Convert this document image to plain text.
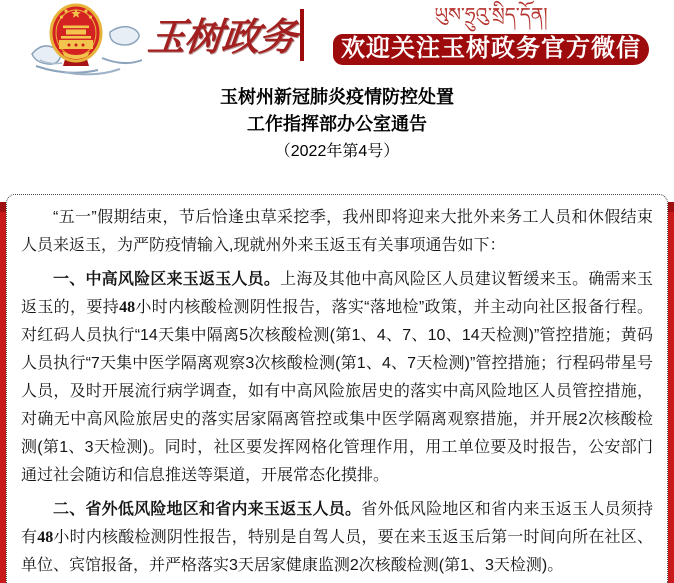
玉树政务	ཡུས་ཧྲུའུ་སྲིད་དོན།
欢迎关注玉树政务官方微信
玉树州新冠肺炎疫情防控处置
工作指挥部办公室通告
（2022年第4号）

“五一”假期结束，节后恰逢虫草采挖季，我州即将迎来大批外来务工人员和休假结束人员来返玉，为严防疫情输入,现就州外来玉返玉有关事项通告如下：

一、中高风险区来玉返玉人员。上海及其他中高风险区人员建议暂缓来玉。确需来玉返玉的，要持48小时内核酸检测阴性报告，落实“落地检”政策，并主动向社区报备行程。对红码人员执行“14天集中隔离5次核酸检测(第1、4、7、10、14天检测)”管控措施；黄码人员执行“7天集中医学隔离观察3次核酸检测(第1、4、7天检测)”管控措施；行程码带星号人员，及时开展流行病学调查，如有中高风险旅居史的落实中高风险地区人员管控措施，对确无中高风险旅居史的落实居家隔离管控或集中医学隔离观察措施，并开展2次核酸检测(第1、3天检测)。同时，社区要发挥网格化管理作用，用工单位要及时报告，公安部门通过社会随访和信息推送等渠道，开展常态化摸排。

二、省外低风险地区和省内来玉返玉人员。省外低风险地区和省内来玉返玉人员须持有48小时内核酸检测阴性报告，特别是自驾人员，要在来玉返玉后第一时间向所在社区、单位、宾馆报备，并严格落实3天居家健康监测2次核酸检测(第1、3天检测)。
